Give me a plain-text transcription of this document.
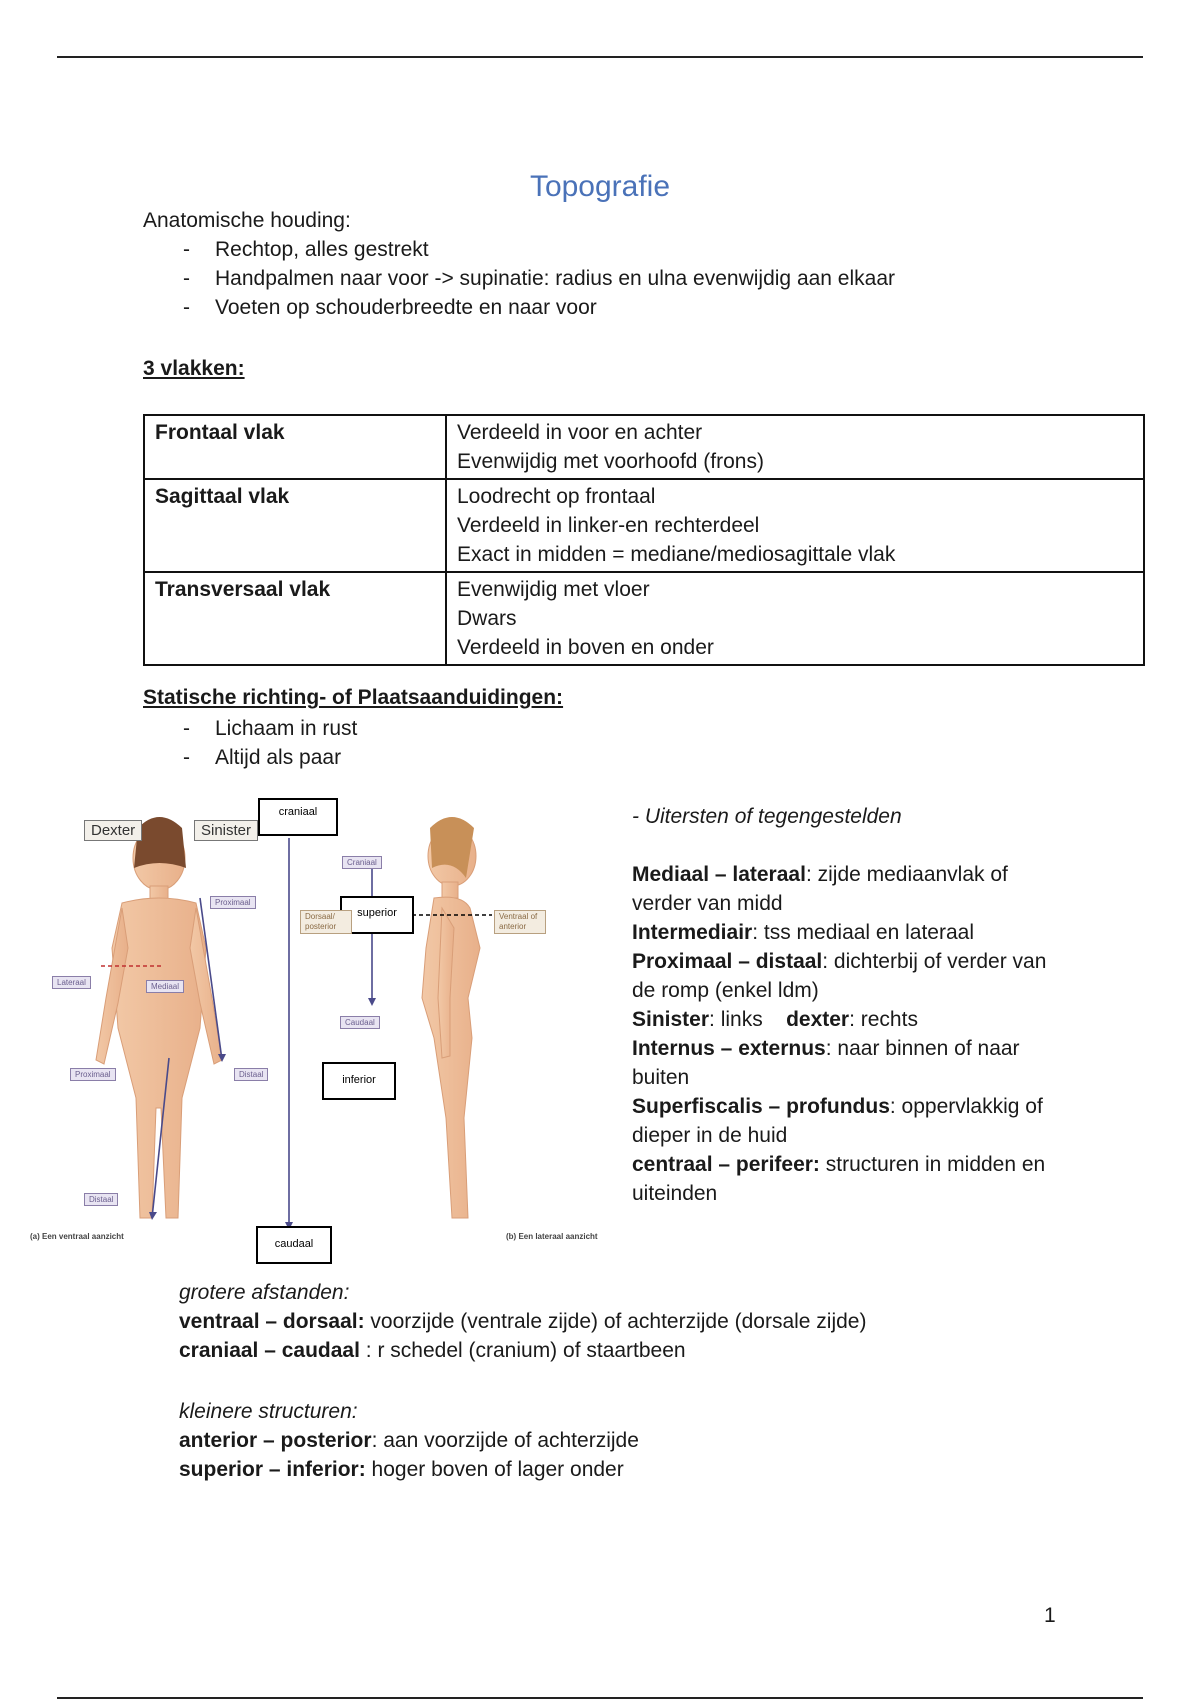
Topografie
Anatomische houding:
- Rechtop, alles gestrekt
- Handpalmen naar voor -> supinatie: radius en ulna evenwijdig aan elkaar
- Voeten op schouderbreedte en naar voor
3 vlakken:
Frontaal vlak	Verdeeld in voor en achter
Evenwijdig met voorhoofd (frons)

Sagittaal vlak	Loodrecht op frontaal
Verdeeld in linker-en rechterdeel
Exact in midden = mediane/mediosagittale vlak

Transversaal vlak	Evenwijdig met vloer
Dwars
Verdeeld in boven en onder
Statische richting- of Plaatsaanduidingen:
- Lichaam in rust
- Altijd als paar
Dexter	Sinister
craniaal
caudaal
superior
inferior
Proximaal
Lateraal	Mediaal
Proximaal	Distaal
Distaal
Craniaal
Caudaal
Dorsaal/ posterior
Ventraal of anterior
(a) Een ventraal aanzicht	(b) Een lateraal aanzicht

- Uitersten of tegengestelden

Mediaal – lateraal: zijde mediaanvlak of verder van midd

Intermediair: tss mediaal en lateraal

Proximaal – distaal: dichterbij of verder van de romp (enkel ldm)

Sinister: links dexter: rechts

Internus – externus: naar binnen of naar buiten

Superfiscalis – profundus: oppervlakkig of dieper in de huid

centraal – perifeer: structuren in midden en uiteinden

grotere afstanden:
ventraal – dorsaal: voorzijde (ventrale zijde) of achterzijde (dorsale zijde)
craniaal – caudaal : r schedel (cranium) of staartbeen
kleinere structuren:
anterior – posterior: aan voorzijde of achterzijde
superior – inferior: hoger boven of lager onder
1
